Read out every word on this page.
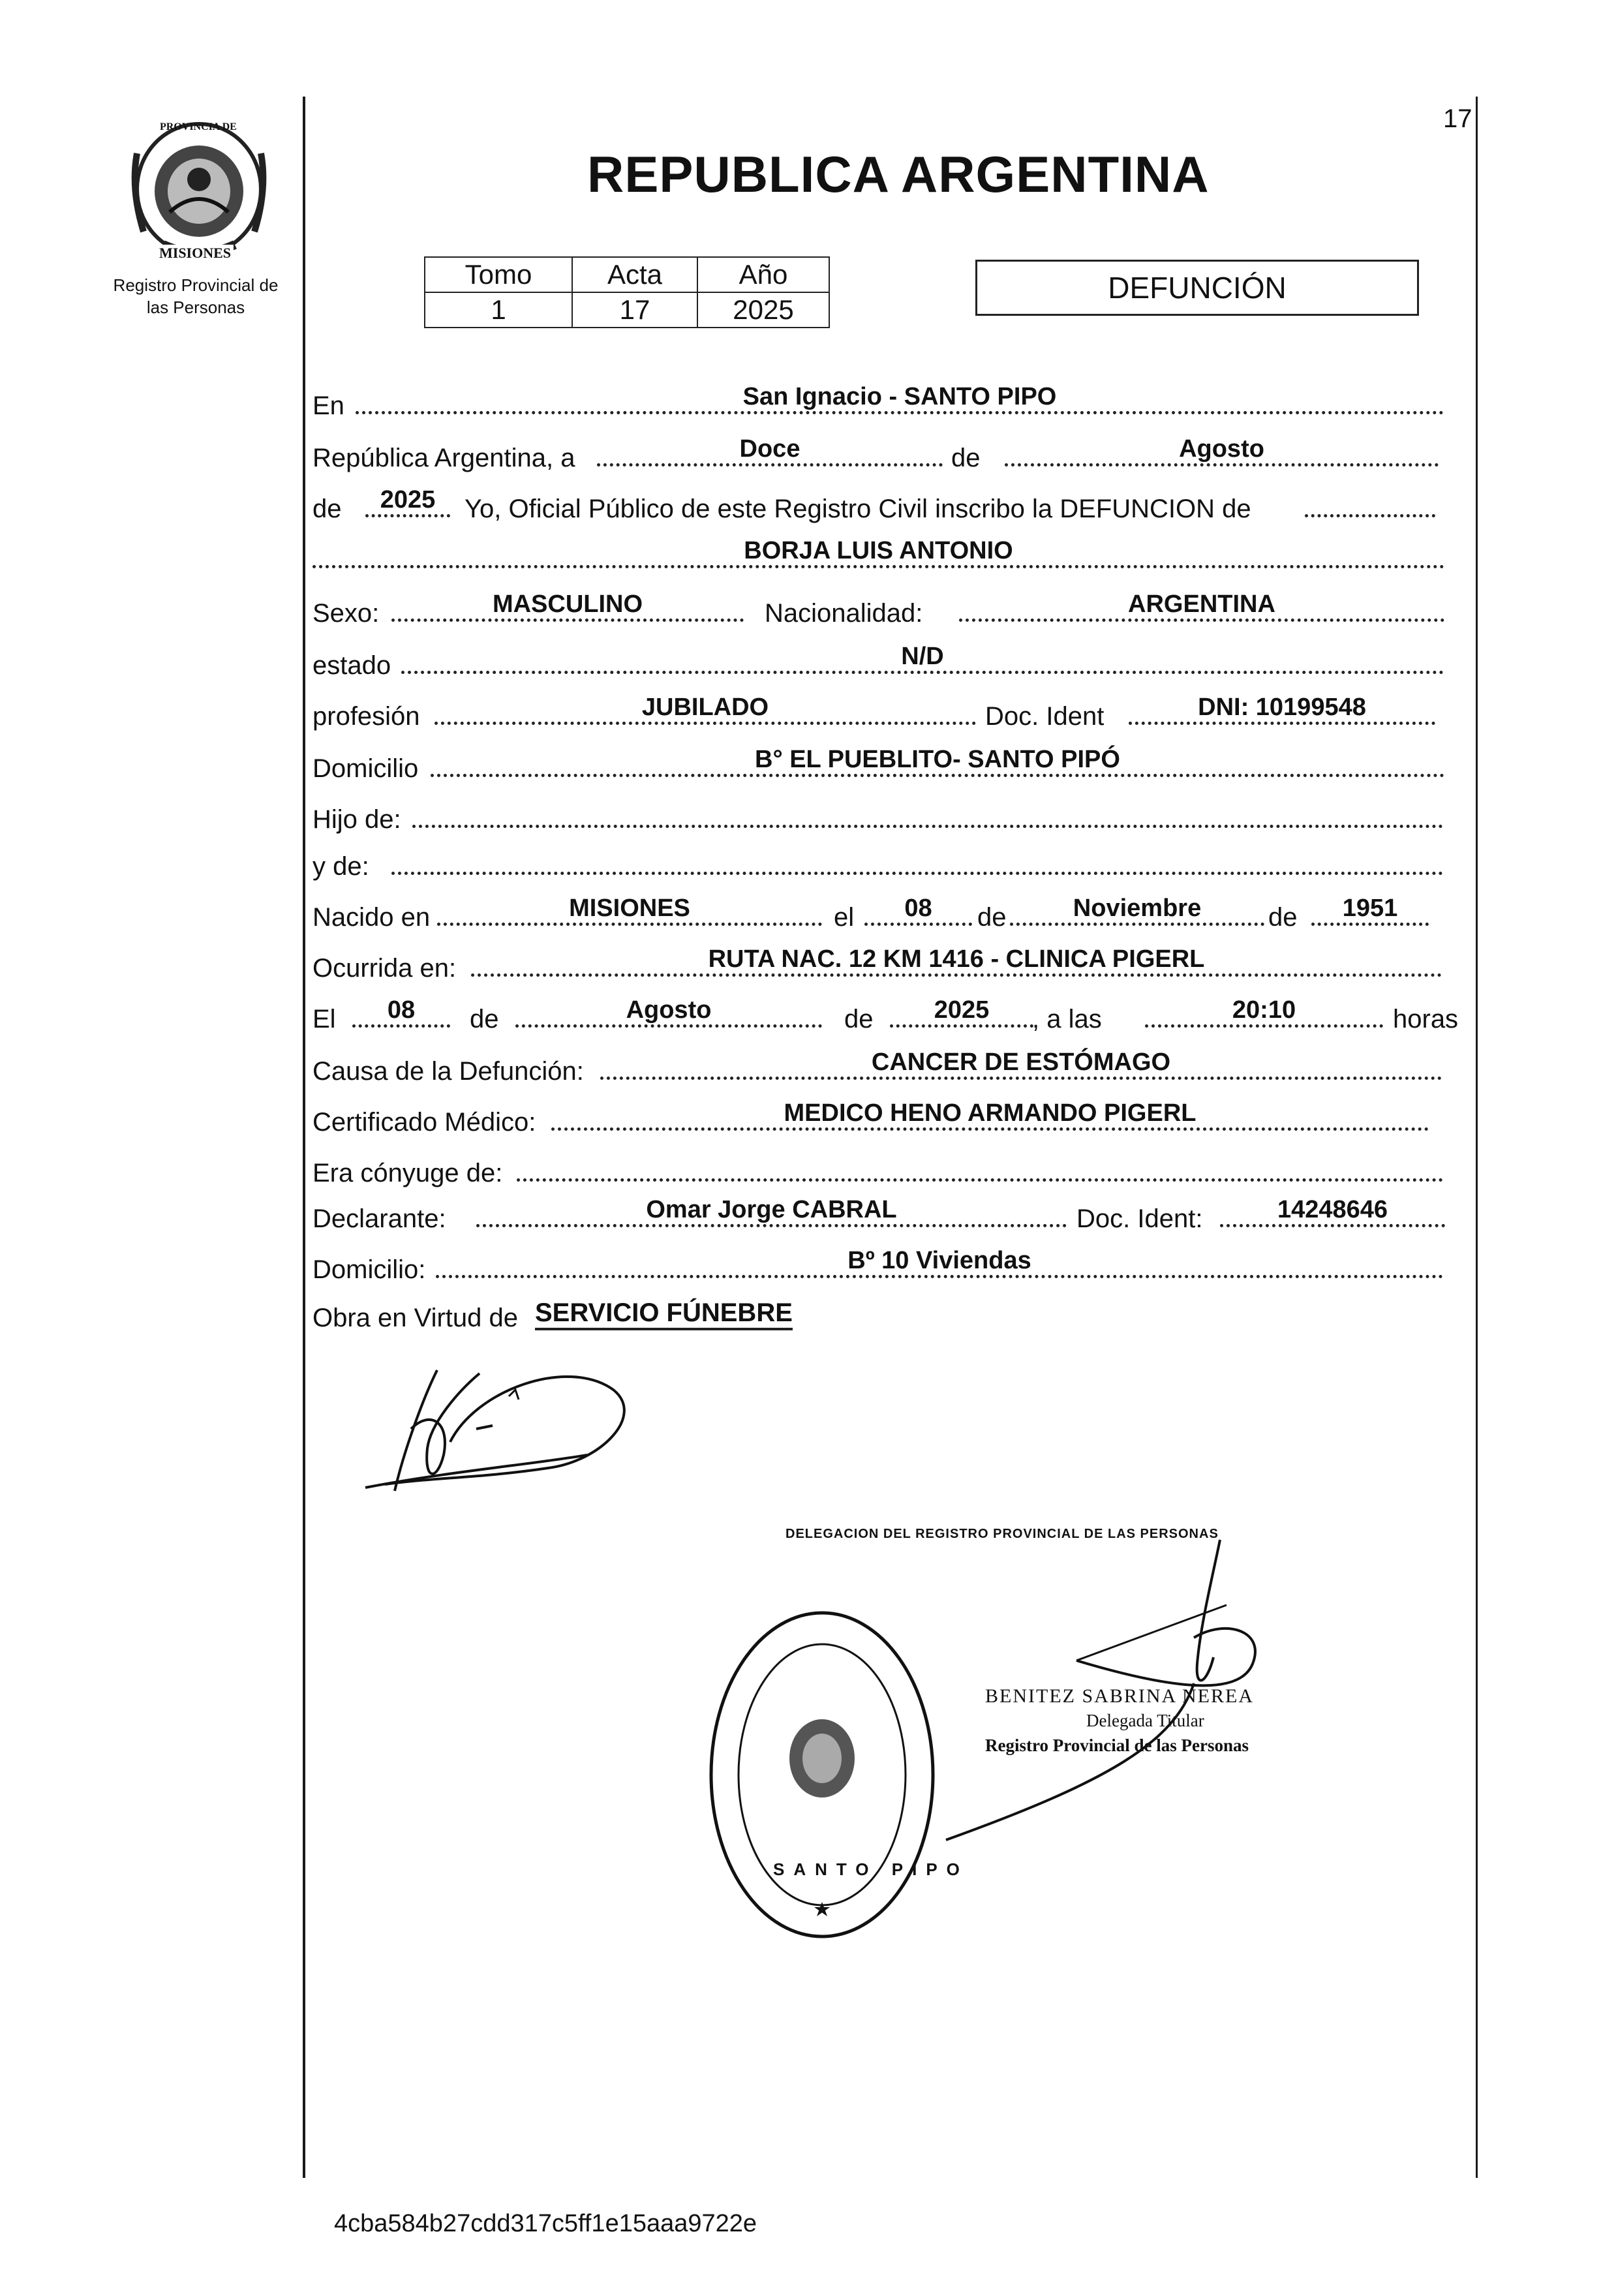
PROVINCIA DE
MISIONES
Registro Provincial de
las Personas
17
REPUBLICA ARGENTINA
Tomo	Acta	Año
1	17	2025
DEFUNCIÓN
En	San Ignacio - SANTO PIPO
República Argentina, a	Doce	de	Agosto
de	2025	Yo, Oficial Público de este Registro Civil inscribo la DEFUNCION de
BORJA LUIS ANTONIO
Sexo:	MASCULINO	Nacionalidad:	ARGENTINA
estado	N/D
profesión	JUBILADO	Doc. Ident	DNI: 10199548
Domicilio	B° EL PUEBLITO- SANTO PIPÓ
Hijo de:
y de:
Nacido en	MISIONES	el	08	de	Noviembre	de	1951
Ocurrida en:	RUTA NAC. 12 KM 1416 - CLINICA PIGERL
El	08	de	Agosto	de	2025	, a las	20:10	horas
Causa de la Defunción:	CANCER DE ESTÓMAGO
Certificado Médico:	MEDICO HENO ARMANDO PIGERL
Era cónyuge de:
Declarante:	Omar Jorge CABRAL	Doc. Ident:	14248646
Domicilio:	Bº 10 Viviendas
Obra en Virtud de SERVICIO FÚNEBRE
DELEGACION DEL REGISTRO PROVINCIAL DE LAS PERSONAS
SANTO PIPO
BENITEZ SABRINA NEREA
Delegada Titular
Registro Provincial de las Personas
4cba584b27cdd317c5ff1e15aaa9722e
